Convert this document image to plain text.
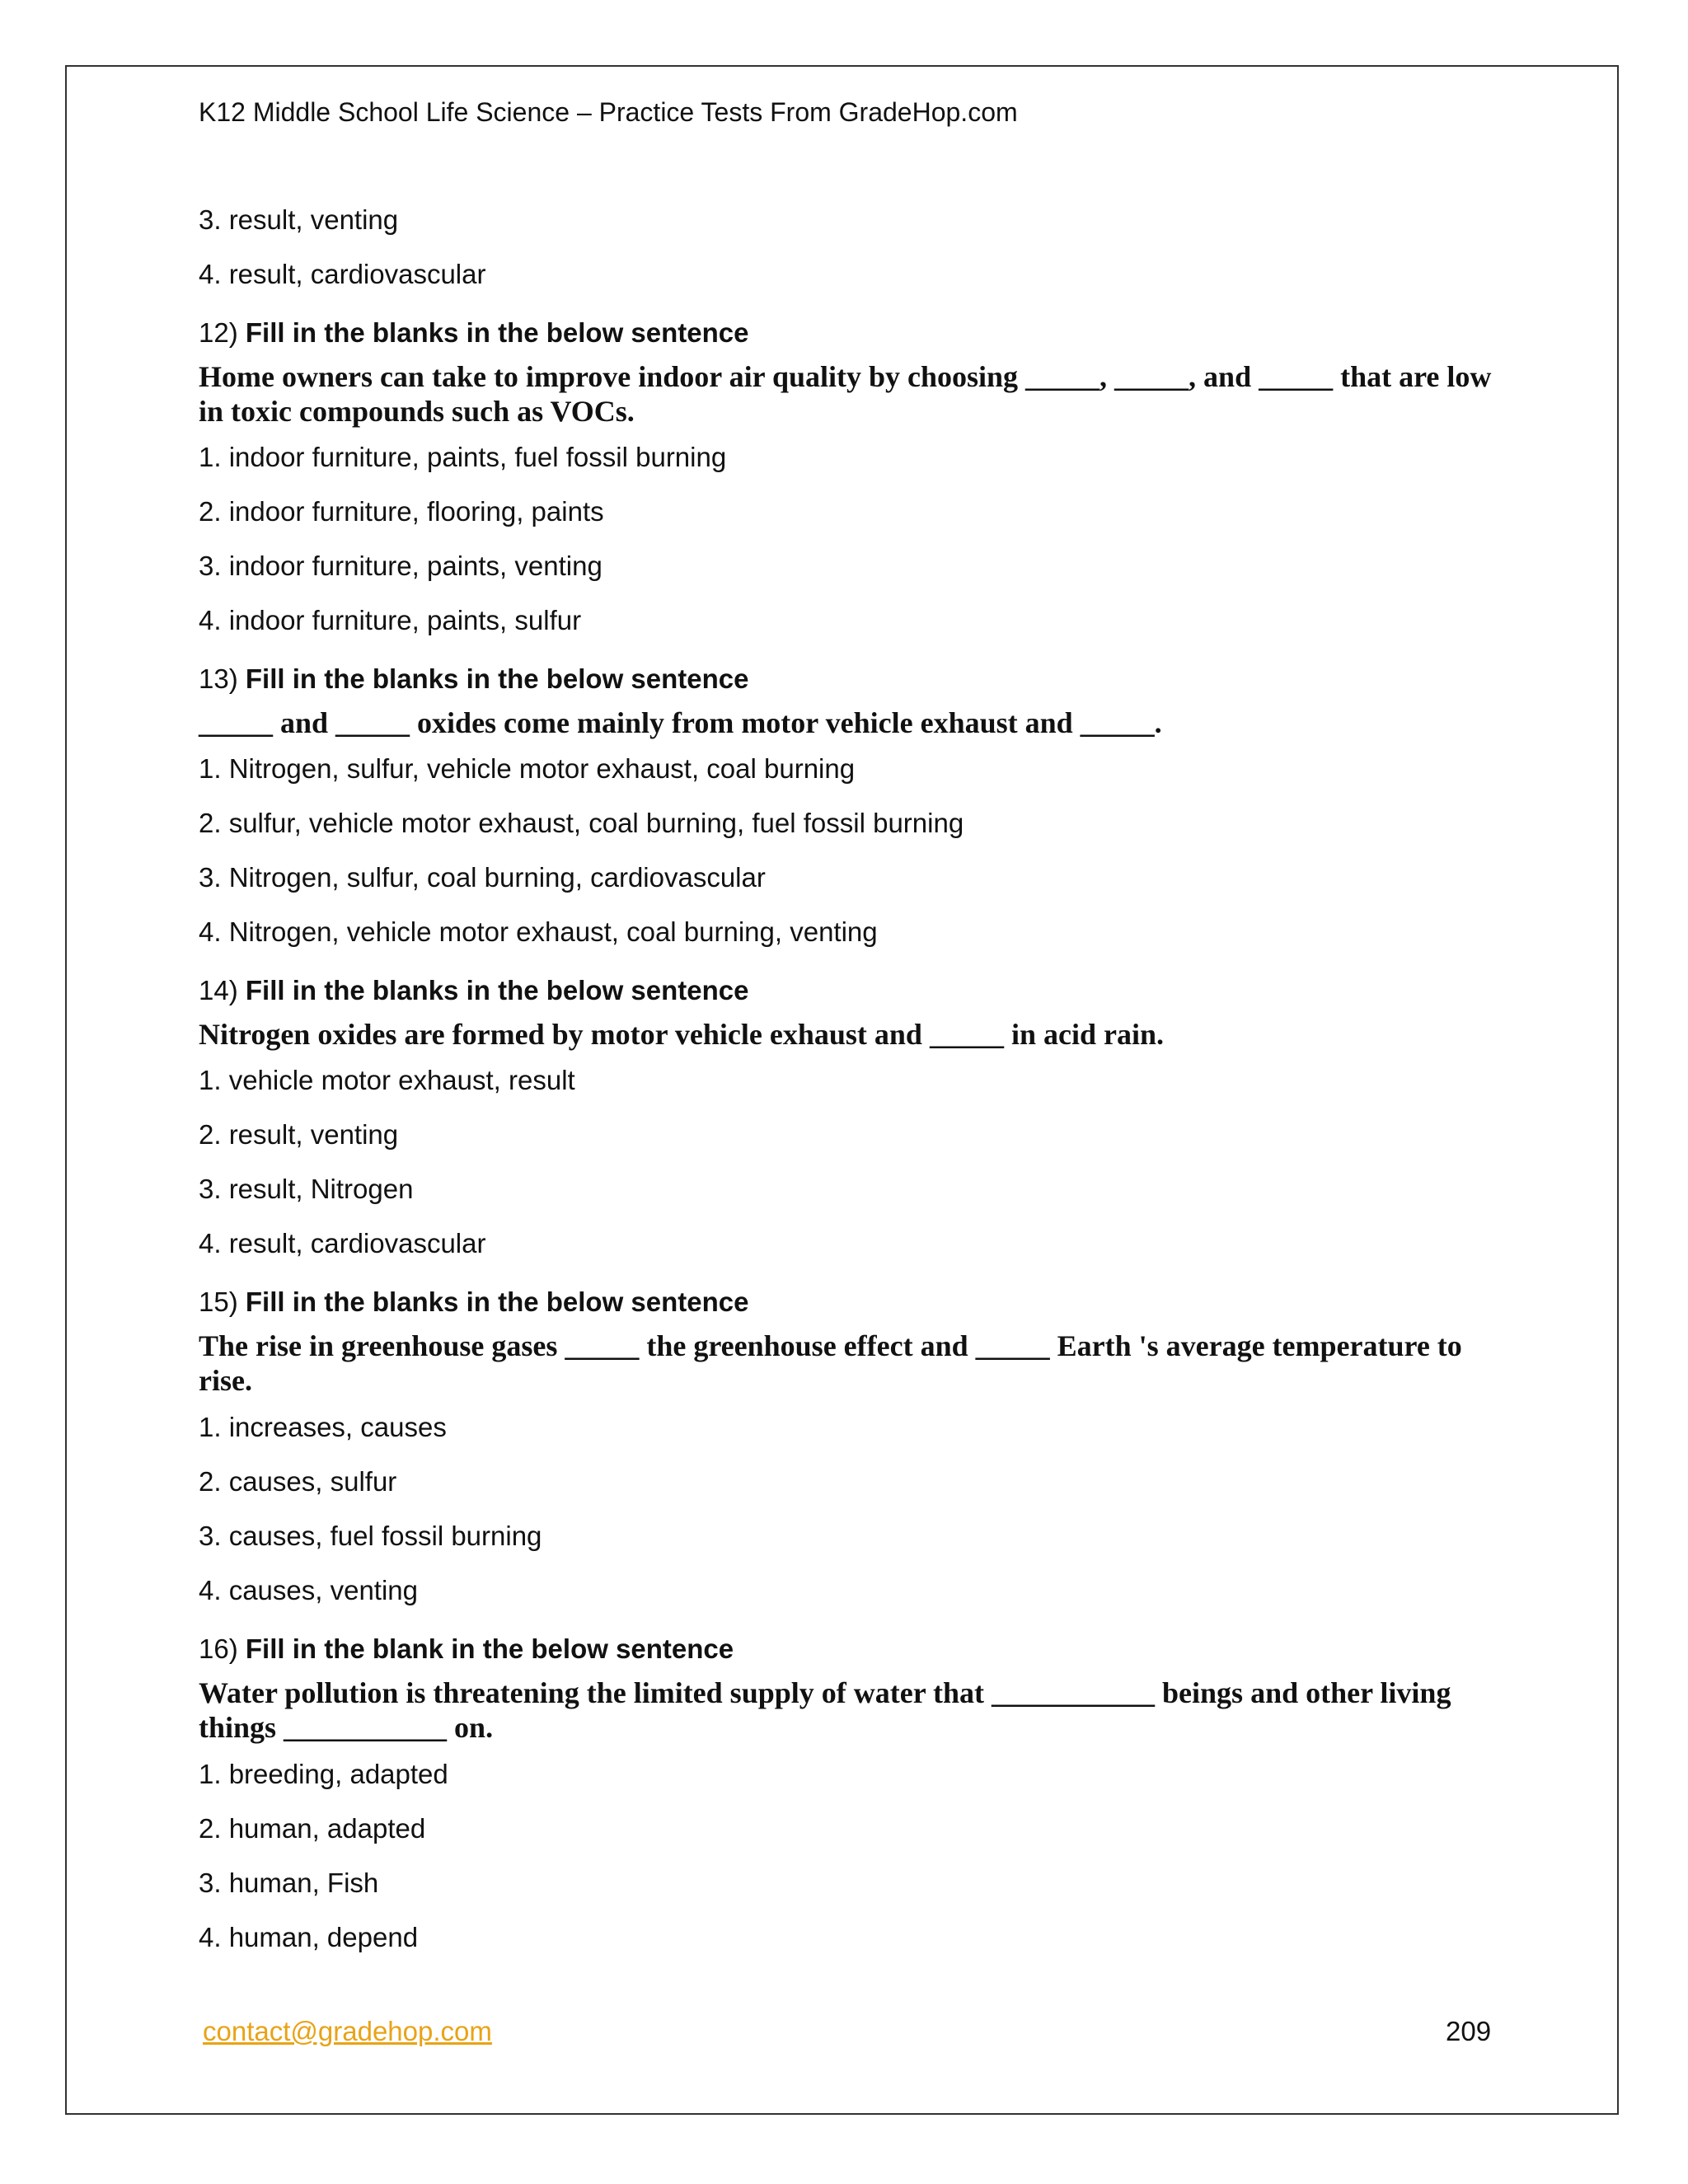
K12 Middle School Life Science – Practice Tests From GradeHop.com
3. result, venting
4. result, cardiovascular
12) Fill in the blanks in the below sentence
Home owners can take to improve indoor air quality by choosing _____, _____, and _____ that are low in toxic compounds such as VOCs.
1. indoor furniture, paints, fuel fossil burning
2. indoor furniture, flooring, paints
3. indoor furniture, paints, venting
4. indoor furniture, paints, sulfur
13) Fill in the blanks in the below sentence
_____ and _____ oxides come mainly from motor vehicle exhaust and _____.
1. Nitrogen, sulfur, vehicle motor exhaust, coal burning
2. sulfur, vehicle motor exhaust, coal burning, fuel fossil burning
3. Nitrogen, sulfur, coal burning, cardiovascular
4. Nitrogen, vehicle motor exhaust, coal burning, venting
14) Fill in the blanks in the below sentence
Nitrogen oxides are formed by motor vehicle exhaust and _____ in acid rain.
1. vehicle motor exhaust, result
2. result, venting
3. result, Nitrogen
4. result, cardiovascular
15) Fill in the blanks in the below sentence
The rise in greenhouse gases _____ the greenhouse effect and _____ Earth 's average temperature to rise.
1. increases, causes
2. causes, sulfur
3. causes, fuel fossil burning
4. causes, venting
16) Fill in the blank in the below sentence
Water pollution is threatening the limited supply of water that ___________ beings and other living things ___________ on.
1. breeding, adapted
2. human, adapted
3. human, Fish
4. human, depend
contact@gradehop.com	209
